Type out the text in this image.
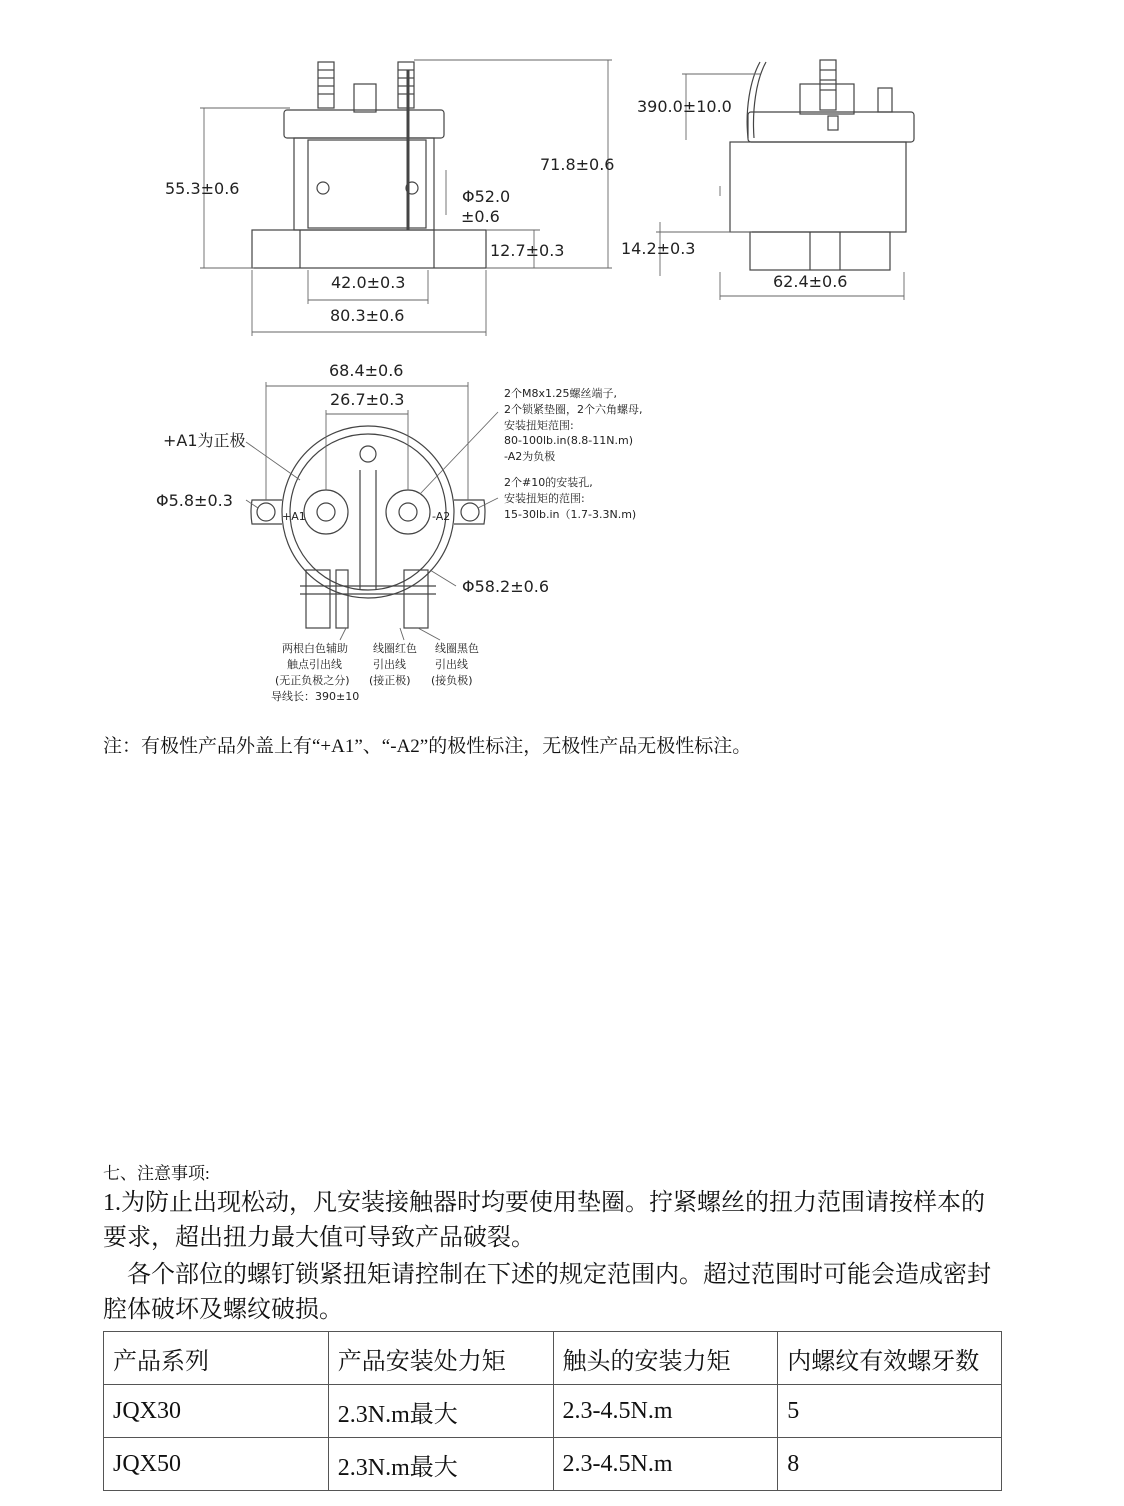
55.3±0.6
71.8±0.6
Φ52.0
±0.6
12.7±0.3
42.0±0.3
80.3±0.6
390.0±10.0
14.2±0.3
62.4±0.6
68.4±0.6
26.7±0.3
+A1为正极
Φ5.8±0.3
Φ58.2±0.6
+A1	-A2
2个M8x1.25螺丝端子,
2个锁紧垫圈，2个六角螺母,
安装扭矩范围:
80-100lb.in(8.8-11N.m)
-A2为负极
2个#10的安装孔,
安装扭矩的范围:
15-30lb.in（1.7-3.3N.m)
两根白色辅助
触点引出线
(无正负极之分)
导线长：390±10
线圈红色
引出线
(接正极)
线圈黑色
引出线
(接负极)
注：有极性产品外盖上有“+A1”、“-A2”的极性标注，无极性产品无极性标注。
七、注意事项:
1.为防止出现松动，凡安装接触器时均要使用垫圈。拧紧螺丝的扭力范围请按样本的要求，超出扭力最大值可导致产品破裂。
各个部位的螺钉锁紧扭矩请控制在下述的规定范围内。超过范围时可能会造成密封腔体破坏及螺纹破损。
产品系列	产品安装处力矩	触头的安装力矩	内螺纹有效螺牙数
JQX30	2.3N.m最大	2.3-4.5N.m	5
JQX50	2.3N.m最大	2.3-4.5N.m	8
